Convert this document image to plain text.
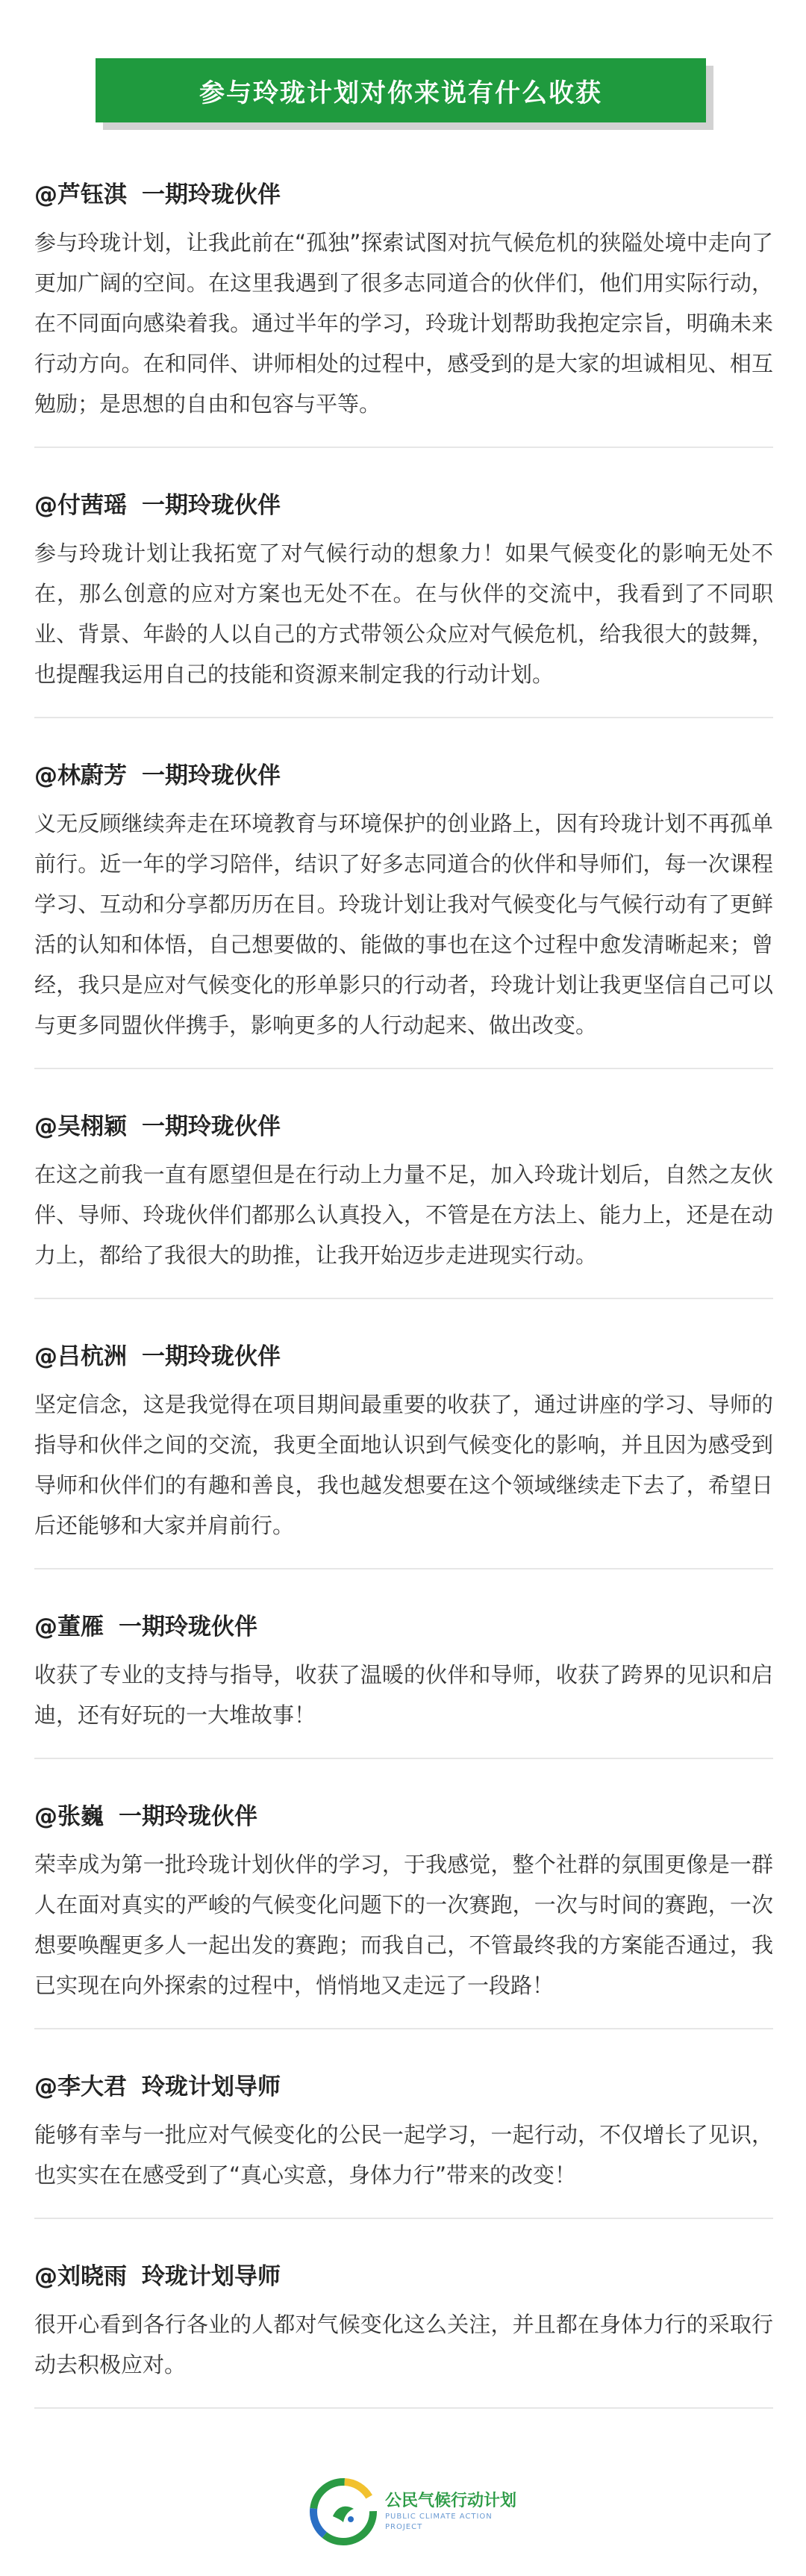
参与玲珑计划对你来说有什么收获

@芦钰淇 一期玲珑伙伴

参与玲珑计划，让我此前在“孤独”探索试图对抗气候危机的狭隘处境中走向了更加广阔的空间。在这里我遇到了很多志同道合的伙伴们，他们用实际行动，在不同面向感染着我。通过半年的学习，玲珑计划帮助我抱定宗旨，明确未来行动方向。在和同伴、讲师相处的过程中，感受到的是大家的坦诚相见、相互勉励；是思想的自由和包容与平等。

@付茜瑶 一期玲珑伙伴

参与玲珑计划让我拓宽了对气候行动的想象力！如果气候变化的影响无处不在，那么创意的应对方案也无处不在。在与伙伴的交流中，我看到了不同职业、背景、年龄的人以自己的方式带领公众应对气候危机，给我很大的鼓舞，也提醒我运用自己的技能和资源来制定我的行动计划。

@林蔚芳 一期玲珑伙伴

义无反顾继续奔走在环境教育与环境保护的创业路上，因有玲珑计划不再孤单前行。近一年的学习陪伴，结识了好多志同道合的伙伴和导师们，每一次课程学习、互动和分享都历历在目。玲珑计划让我对气候变化与气候行动有了更鲜活的认知和体悟，自己想要做的、能做的事也在这个过程中愈发清晰起来；曾经，我只是应对气候变化的形单影只的行动者，玲珑计划让我更坚信自己可以与更多同盟伙伴携手，影响更多的人行动起来、做出改变。

@吴栩颖 一期玲珑伙伴

在这之前我一直有愿望但是在行动上力量不足，加入玲珑计划后，自然之友伙伴、导师、玲珑伙伴们都那么认真投入，不管是在方法上、能力上，还是在动力上，都给了我很大的助推，让我开始迈步走进现实行动。

@吕杭洲 一期玲珑伙伴

坚定信念，这是我觉得在项目期间最重要的收获了，通过讲座的学习、导师的指导和伙伴之间的交流，我更全面地认识到气候变化的影响，并且因为感受到导师和伙伴们的有趣和善良，我也越发想要在这个领域继续走下去了，希望日后还能够和大家并肩前行。

@董雁 一期玲珑伙伴

收获了专业的支持与指导，收获了温暖的伙伴和导师，收获了跨界的见识和启迪，还有好玩的一大堆故事！

@张巍 一期玲珑伙伴

荣幸成为第一批玲珑计划伙伴的学习，于我感觉，整个社群的氛围更像是一群人在面对真实的严峻的气候变化问题下的一次赛跑，一次与时间的赛跑，一次想要唤醒更多人一起出发的赛跑；而我自己，不管最终我的方案能否通过，我已实现在向外探索的过程中，悄悄地又走远了一段路！

@李大君 玲珑计划导师

能够有幸与一批应对气候变化的公民一起学习，一起行动，不仅增长了见识，也实实在在感受到了“真心实意，身体力行”带来的改变！

@刘晓雨 玲珑计划导师

很开心看到各行各业的人都对气候变化这么关注，并且都在身体力行的采取行动去积极应对。

公民气候行动计划
PUBLIC CLIMATE ACTION PROJECT
